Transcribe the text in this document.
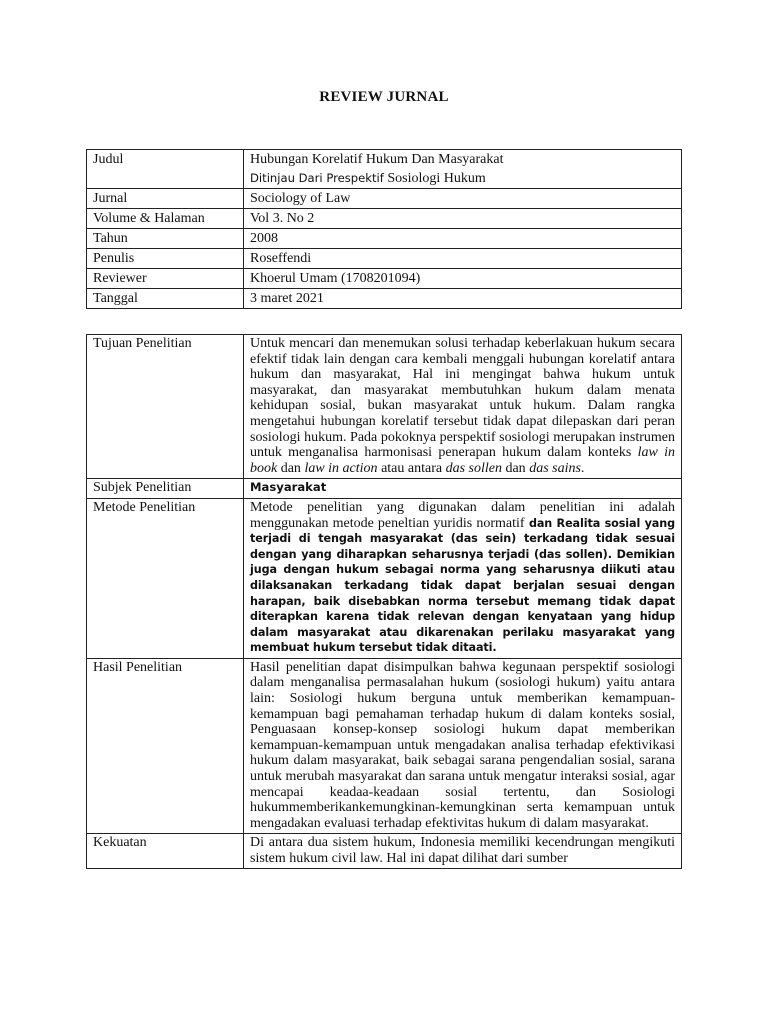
REVIEW JURNAL
Judul	Hubungan Korelatif Hukum Dan Masyarakat
Ditinjau Dari Prespektif Sosiologi Hukum
Jurnal	Sociology of Law
Volume & Halaman	Vol 3. No 2
Tahun	2008
Penulis	Roseffendi
Reviewer	Khoerul Umam (1708201094)
Tanggal	3 maret 2021
Tujuan Penelitian	Untuk mencari dan menemukan solusi terhadap keberlakuan hukum secara efektif tidak lain dengan cara kembali menggali hubungan korelatif antara hukum dan masyarakat, Hal ini mengingat bahwa hukum untuk masyarakat, dan masyarakat membutuhkan hukum dalam menata kehidupan sosial, bukan masyarakat untuk hukum. Dalam rangka mengetahui hubungan korelatif tersebut tidak dapat dilepaskan dari peran sosiologi hukum. Pada pokoknya perspektif sosiologi merupakan instrumen untuk menganalisa harmonisasi penerapan hukum dalam konteks law in book dan law in action atau antara das sollen dan das sains.
Subjek Penelitian	Masyarakat
Metode Penelitian	Metode penelitian yang digunakan dalam penelitian ini adalah menggunakan metode peneltian yuridis normatif dan Realita sosial yang terjadi di tengah masyarakat (das sein) terkadang tidak sesuai dengan yang diharapkan seharusnya terjadi (das sollen). Demikian juga dengan hukum sebagai norma yang seharusnya diikuti atau dilaksanakan terkadang tidak dapat berjalan sesuai dengan harapan, baik disebabkan norma tersebut memang tidak dapat diterapkan karena tidak relevan dengan kenyataan yang hidup dalam masyarakat atau dikarenakan perilaku masyarakat yang membuat hukum tersebut tidak ditaati.
Hasil Penelitian	Hasil penelitian dapat disimpulkan bahwa kegunaan perspektif sosiologi dalam menganalisa permasalahan hukum (sosiologi hukum) yaitu antara lain: Sosiologi hukum berguna untuk memberikan kemampuan-kemampuan bagi pemahaman terhadap hukum di dalam konteks sosial, Penguasaan konsep-konsep sosiologi hukum dapat memberikan kemampuan-kemampuan untuk mengadakan analisa terhadap efektivikasi hukum dalam masyarakat, baik sebagai sarana pengendalian sosial, sarana untuk merubah masyarakat dan sarana untuk mengatur interaksi sosial, agar mencapai keadaa-keadaan sosial tertentu, dan Sosiologi hukummemberikankemungkinan-kemungkinan serta kemampuan untuk mengadakan evaluasi terhadap efektivitas hukum di dalam masyarakat.
Kekuatan	Di antara dua sistem hukum, Indonesia memiliki kecendrungan mengikuti sistem hukum civil law. Hal ini dapat dilihat dari sumber
